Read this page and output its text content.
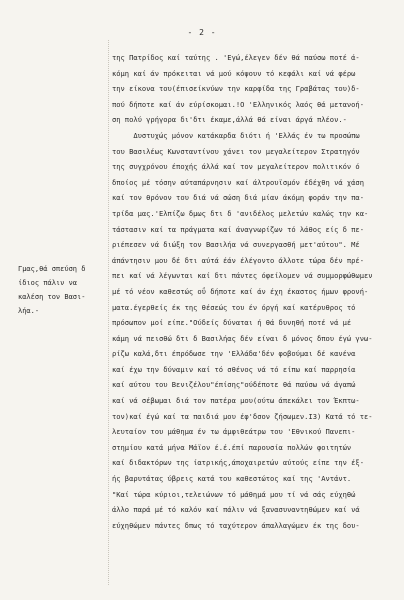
- 2 -
Γμας,θά σπεύση δ
ίδιος πάλιν να
καλέση τον Βασι-
λήα.-
της Πατρίδος καί ταύτης . 'Εγώ,έλεγεν δέν θά παύσω ποτέ ά-
κόμη καί άν πρόκειται νά μού κόψουν τό κεφάλι καί νά φέρω
την είκονα του(έπισείκνύων την καρφίδα της Γραβάτας του)δ-
πού δήποτε καί άν εύρίσκομαι.!Ο 'Ελληνικός λαός θά μετανοή-
ση πολύ γρήγορα δι'δτι έκαμε,άλλά θά είναι άργά πλέον.-
Δυστυχώς μόνον κατάκαρδα διότι ή 'Ελλάς έν τω προσώπω
του Βασιλέως Κωνσταντίνου χάνει τον μεγαλείτερον Στρατηγόν
της συγχρόνου έποχής άλλά καί τον μεγαλείτερον πολιτικόν ό
δποίος μέ τόσην αύταπάρνησιν καί άλτρουϊσμόν έδέχθη νά χάση
καί τον θρόνον του διά νά σώση διά μίαν άκόμη φοράν την πα-
τρίδα μας.'Ελπίζω δμως δτι δ 'ανιδέλος μελετών καλώς την κα-
τάστασιν καί τα πράγματα καί άναγνωρίζων τό λάθος είς δ πε-
ριέπεσεν νά διώξη τον Βασιλήα νά συνεργασθή μετ'αύτου". Μέ
άπάντησιν μου δέ δτι αύτά έάν έλέγοντο άλλοτε τώρα δέν πρέ-
πει καί νά λέγωνται καί δτι πάντες όφείλομεν νά συμμορφώθωμεν
μέ τό νέον καθεστώς οΰ δήποτε καί άν έχη έκαστος ήμων φρονή-
ματα.έγερθείς έκ της θέσεώς του έν όργή καί κατέρυθρος τό
πρόσωπον μοί είπε."Ούδείς δύναται ή θά δυνηθή ποτέ νά μέ
κάμη νά πεισθώ δτι δ Βασιλήας δέν είναι δ μόνος δπου έγώ γνω-
ρίζω καλά,δτι έπρόδωσε την 'Ελλάδα'δέν φοβούμαι δέ κανένα
καί έχω την δύναμιν καί τό σθένος νά τό είπω καί παρρησία
καί αύτου του Βενιζέλου"έπίσης"ούδέποτε θά παύσω νά άγαπώ
καί νά σέβωμαι διά τον πατέρα μου(ούτω άπεκάλει τον Έκπτω-
τον)καί έγώ καί τα παιδιά μου έφ'δσον ζήσωμεν.Ι3) Κατά τό τε-
λευταίον του μάθημα έν τω άμφιθεάτρω του 'Εθνικού Πανεπι-
στημίου κατά μήνα Μάϊον έ.έ.έπί παρουσία πολλών φοιτητών
καί διδακτόρων της ίατρικής,άποχαιρετών αύτούς είπε την έξ-
ής βαρυτάτας ύβρεις κατά του καθεστώτος καί της 'Αντάντ.
"Καί τώρα κύριοι,τελειώνων τό μάθημά μου τί νά σάς εύχηθώ
άλλο παρά μέ τό καλόν καί πάλιν νά ξανασυναντηθώμεν καί νά
εύχηθώμεν πάντες δπως τό ταχύτερον άπαλλαγώμεν έκ της δου-
